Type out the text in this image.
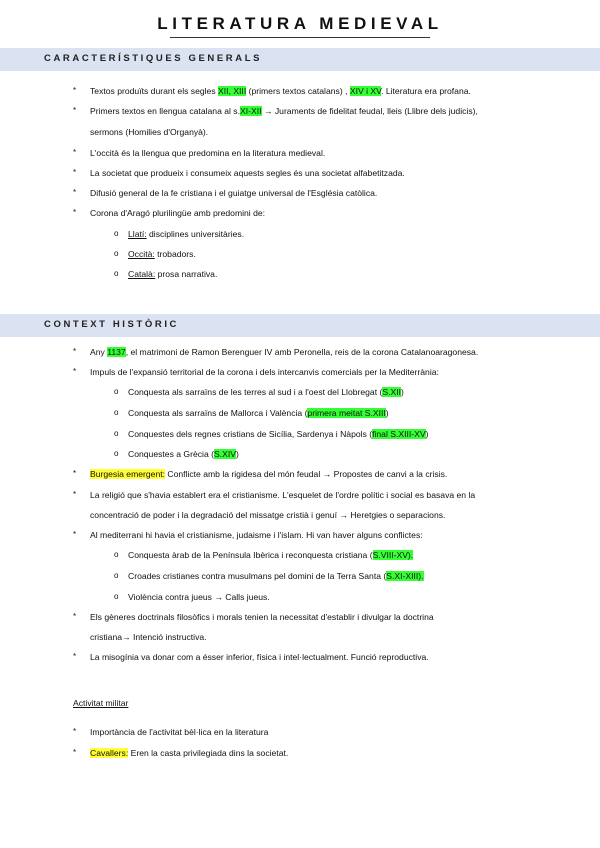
LITERATURA MEDIEVAL
CARACTERÍSTIQUES GENERALS
* Textos produïts durant els segles XII, XIII (primers textos catalans) , XIV i XV. Literatura era profana.
* Primers textos en llengua catalana al s.XI-XII → Juraments de fidelitat feudal, lleis (Llibre dels judicis),
sermons (Homilies d'Organyà).
* L'occità és la llengua que predomina en la literatura medieval.
* La societat que produeix i consumeix aquests segles és una societat alfabetitzada.
* Difusió general de la fe cristiana i el guiatge universal de l'Església catòlica.
* Corona d'Aragó plurilingüe amb predomini de:
o Llatí: disciplines universitàries.
o Occità: trobadors.
o Català: prosa narrativa.
CONTEXT HISTÒRIC
* Any 1137, el matrimoni de Ramon Berenguer IV amb Peronella, reis de la corona Catalanoaragonesa.
* Impuls de l'expansió territorial de la corona i dels intercanvis comercials per la Mediterrània:
o Conquesta als sarraïns de les terres al sud i a l'oest del Llobregat (S.XII)
o Conquesta als sarraïns de Mallorca i València (primera meitat S.XIII)
o Conquestes dels regnes cristians de Sicília, Sardenya i Nàpols (final S.XIII-XV)
o Conquestes a Grècia (S.XIV)
* Burgesia emergent: Conflicte amb la rigidesa del món feudal → Propostes de canvi a la crisis.
* La religió que s'havia establert era el cristianisme. L'esquelet de l'ordre polític i social es basava en la
concentració de poder i la degradació del missatge cristià i genuí → Heretgies o separacions.
* Al mediterrani hi havia el cristianisme, judaisme i l'islam. Hi van haver alguns conflictes:
o Conquesta àrab de la Península Ibèrica i reconquesta cristiana (S.VIII-XV).
o Croades cristianes contra musulmans pel domini de la Terra Santa (S.XI-XIII).
o Violència contra jueus → Calls jueus.
* Els gèneres doctrinals filosòfics i morals tenien la necessitat d'establir i divulgar la doctrina
cristiana→ Intenció instructiva.
* La misogínia va donar com a ésser inferior, física i intel·lectualment. Funció reproductiva.
Activitat militar
* Importància de l'activitat bèl·lica en la literatura
* Cavallers: Eren la casta privilegiada dins la societat.
